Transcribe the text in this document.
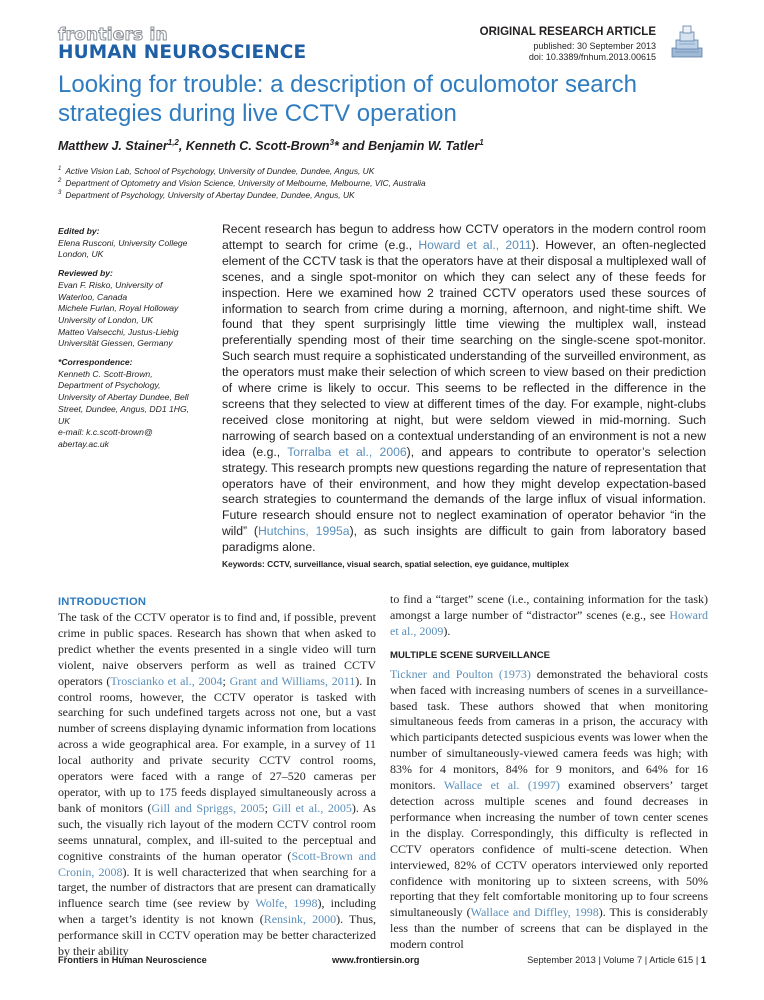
frontiers in
HUMAN NEUROSCIENCE
ORIGINAL RESEARCH ARTICLE
published: 30 September 2013
doi: 10.3389/fnhum.2013.00615
Looking for trouble: a description of oculomotor search strategies during live CCTV operation
Matthew J. Stainer$^{1,2}$, Kenneth C. Scott-Brown$^3$* and Benjamin W. Tatler$^1$
$^1$ Active Vision Lab, School of Psychology, University of Dundee, Dundee, Angus, UK
$^2$ Department of Optometry and Vision Science, University of Melbourne, Melbourne, VIC, Australia
$^3$ Department of Psychology, University of Abertay Dundee, Dundee, Angus, UK
Edited by:
Elena Rusconi, University College
London, UK
Reviewed by:
Evan F. Risko, University of
Waterloo, Canada
Michele Furlan, Royal Holloway
University of London, UK
Matteo Valsecchi, Justus-Liebig
Universität Giessen, Germany
*Correspondence:
Kenneth C. Scott-Brown,
Department of Psychology,
University of Abertay Dundee, Bell
Street, Dundee, Angus, DD1 1HG,
UK
e-mail: k.c.scott-brown@
abertay.ac.uk
Recent research has begun to address how CCTV operators in the modern control room attempt to search for crime (e.g., Howard et al., 2011). However, an often-neglected element of the CCTV task is that the operators have at their disposal a multiplexed wall of scenes, and a single spot-monitor on which they can select any of these feeds for inspection. Here we examined how 2 trained CCTV operators used these sources of information to search from crime during a morning, afternoon, and night-time shift. We found that they spent surprisingly little time viewing the multiplex wall, instead preferentially spending most of their time searching on the single-scene spot-monitor. Such search must require a sophisticated understanding of the surveilled environment, as the operators must make their selection of which screen to view based on their prediction of where crime is likely to occur. This seems to be reflected in the difference in the screens that they selected to view at different times of the day. For example, night-clubs received close monitoring at night, but were seldom viewed in mid-morning. Such narrowing of search based on a contextual understanding of an environment is not a new idea (e.g., Torralba et al., 2006), and appears to contribute to operator’s selection strategy. This research prompts new questions regarding the nature of representation that operators have of their environment, and how they might develop expectation-based search strategies to countermand the demands of the large influx of visual information. Future research should ensure not to neglect examination of operator behavior “in the wild” (Hutchins, 1995a), as such insights are difficult to gain from laboratory based paradigms alone.
Keywords: CCTV, surveillance, visual search, spatial selection, eye guidance, multiplex
INTRODUCTION
The task of the CCTV operator is to find and, if possible, prevent crime in public spaces. Research has shown that when asked to predict whether the events presented in a single video will turn violent, naive observers perform as well as trained CCTV operators (Troscianko et al., 2004; Grant and Williams, 2011). In control rooms, however, the CCTV operator is tasked with searching for such undefined targets across not one, but a vast number of screens displaying dynamic information from locations across a wide geographical area. For example, in a survey of 11 local authority and private security CCTV control rooms, operators were faced with a range of 27–520 cameras per operator, with up to 175 feeds displayed simultaneously across a bank of monitors (Gill and Spriggs, 2005; Gill et al., 2005). As such, the visually rich layout of the modern CCTV control room seems unnatural, complex, and ill-suited to the perceptual and cognitive constraints of the human operator (Scott-Brown and Cronin, 2008). It is well characterized that when searching for a target, the number of distractors that are present can dramatically influence search time (see review by Wolfe, 1998), including when a target’s identity is not known (Rensink, 2000). Thus, performance skill in CCTV operation may be better characterized by their ability
to find a “target” scene (i.e., containing information for the task) amongst a large number of “distractor” scenes (e.g., see Howard et al., 2009).
MULTIPLE SCENE SURVEILLANCE
Tickner and Poulton (1973) demonstrated the behavioral costs when faced with increasing numbers of scenes in a surveillance-based task. These authors showed that when monitoring simultaneous feeds from cameras in a prison, the accuracy with which participants detected suspicious events was lower when the number of simultaneously-viewed camera feeds was high; with 83% for 4 monitors, 84% for 9 monitors, and 64% for 16 monitors. Wallace et al. (1997) examined observers’ target detection across multiple scenes and found decreases in performance when increasing the number of town center scenes in the display. Correspondingly, this difficulty is reflected in CCTV operators confidence of multi-scene detection. When interviewed, 82% of CCTV operators interviewed only reported confidence with monitoring up to sixteen screens, with 50% reporting that they felt comfortable monitoring up to four screens simultaneously (Wallace and Diffley, 1998). This is considerably less than the number of screens that can be displayed in the modern control
Frontiers in Human Neuroscience	www.frontiersin.org	September 2013 | Volume 7 | Article 615 | 1
